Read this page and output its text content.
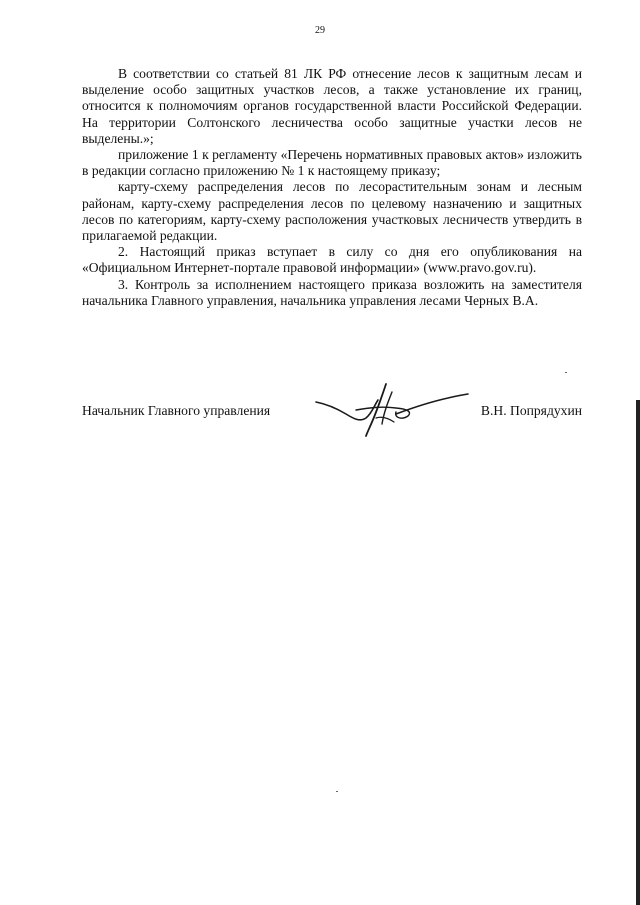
29

В соответствии со статьей 81 ЛК РФ отнесение лесов к защитным лесам и выделение особо защитных участков лесов, а также установление их границ, относится к полномочиям органов государственной власти Российской Федерации. На территории Солтонского лесничества особо защитные участки лесов не выделены.»;

приложение 1 к регламенту «Перечень нормативных правовых актов» изложить в редакции согласно приложению № 1 к настоящему приказу;

карту-схему распределения лесов по лесорастительным зонам и лесным районам, карту-схему распределения лесов по целевому назначению и защитных лесов по категориям, карту-схему расположения участковых лесничеств утвердить в прилагаемой редакции.

2. Настоящий приказ вступает в силу со дня его опубликования на «Официальном Интернет-портале правовой информации» (www.pravo.gov.ru).

3. Контроль за исполнением настоящего приказа возложить на заместителя начальника Главного управления, начальника управления лесами Черных В.А.

Начальник Главного управления	В.Н. Попрядухин
